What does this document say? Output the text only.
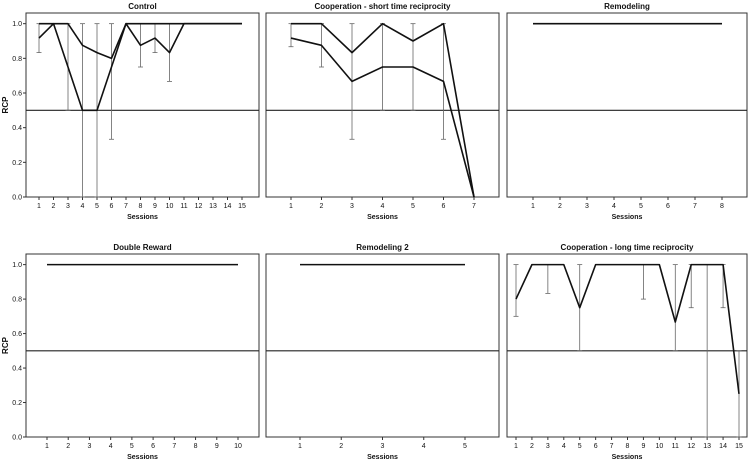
Control
0.0
0.2
0.4
0.6
0.8
1.0
RCP
1 2 3 4 5 6 7 8 9 10 11 12 13 14 15
Sessions
Cooperation - short time reciprocity
1	2	3	4	5	6	7
Sessions
Remodeling
1	2	3	4	5	6	7	8
Sessions
Double Reward
0.0
0.2
0.4
0.6
0.8
1.0
RCP
1 2 3 4 5 6 7 8 9 10
Sessions
Remodeling 2
1	2	3	4	5
Sessions
Cooperation - long time reciprocity
1 2 3 4 5 6 7 8 9 10 11 12 13 14 15
Sessions
